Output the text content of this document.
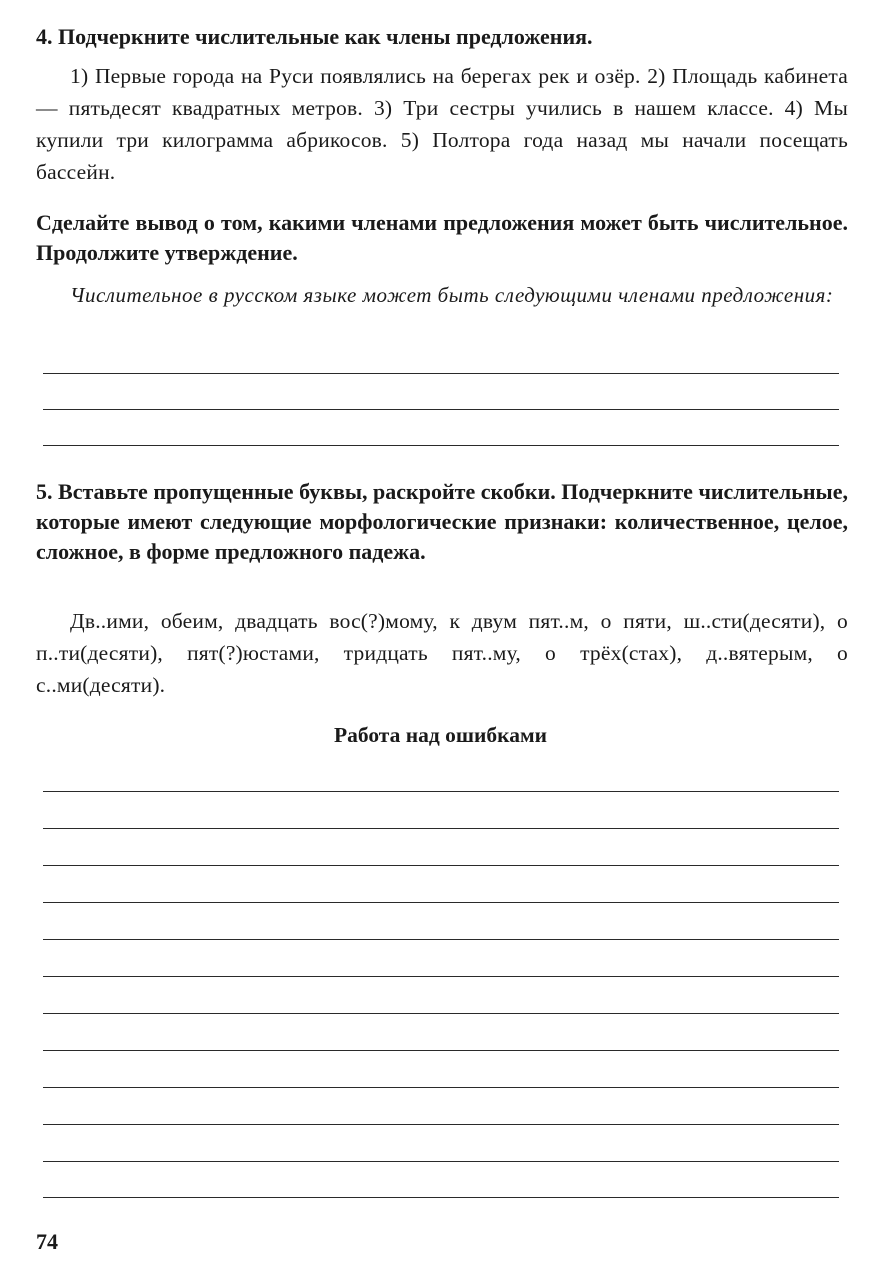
4. Подчеркните числительные как члены предложения.

1) Первые города на Руси появлялись на берегах рек и озёр. 2) Площадь кабинета — пятьдесят квадратных метров. 3) Три сестры учились в нашем классе. 4) Мы купили три килограмма абрикосов. 5) Полтора года назад мы начали посещать бассейн.

Сделайте вывод о том, какими членами предложения может быть числительное. Продолжите утверждение.

Числительное в русском языке может быть следующими членами предложения:

5. Вставьте пропущенные буквы, раскройте скобки. Подчеркните числительные, которые имеют следующие морфологические признаки: количественное, целое, сложное, в форме предложного падежа.

Дв..ими, обеим, двадцать вос(?)мому, к двум пят..м, о пяти, ш..сти(десяти), о п..ти(десяти), пят(?)юстами, тридцать пят..му, о трёх(стах), д..вятерым, о с..ми(десяти).

Работа над ошибками
74
